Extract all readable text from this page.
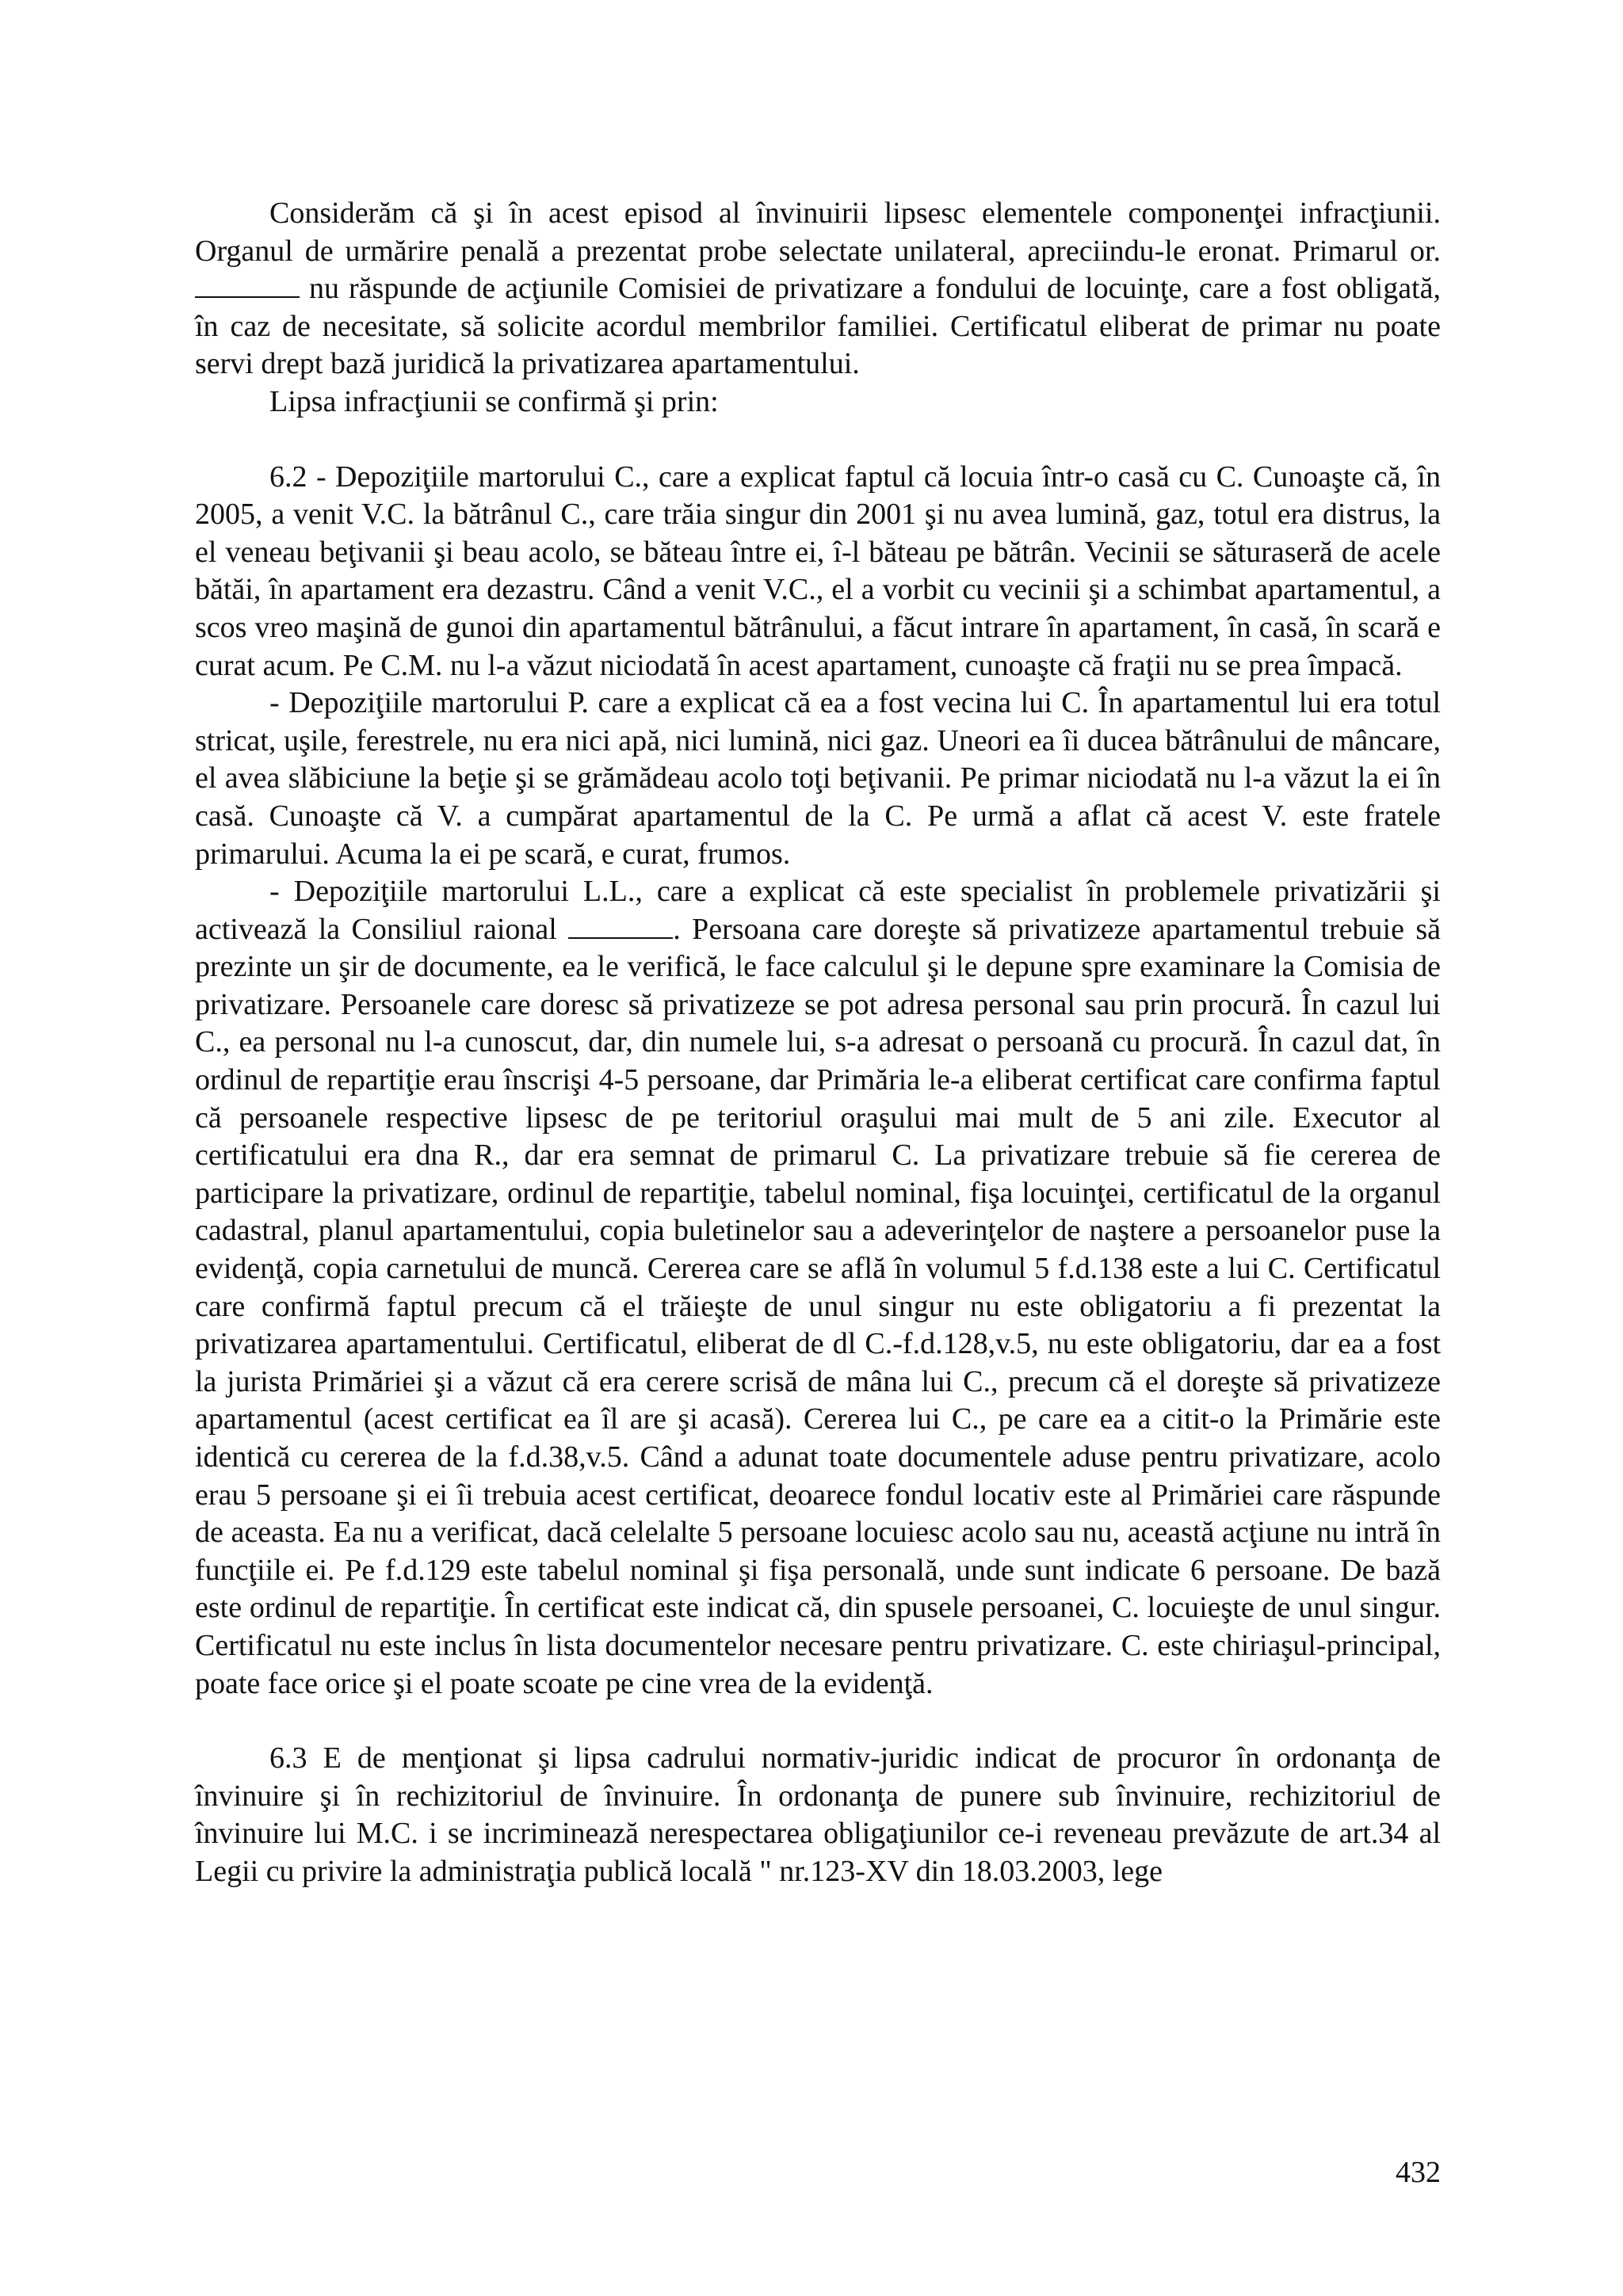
Considerăm că şi în acest episod al învinuirii lipsesc elementele componenţei infracţiunii. Organul de urmărire penală a prezentat probe selectate unilateral, apreciindu-le eronat. Primarul or.  nu răspunde de acţiunile Comisiei de privatizare a fondului de locuinţe, care a fost obligată, în caz de necesitate, să solicite acordul membrilor familiei. Certificatul eliberat de primar nu poate servi drept bază juridică la privatizarea apartamentului.

Lipsa infracţiunii se confirmă şi prin:

6.2 - Depoziţiile martorului C., care a explicat faptul că locuia într-o casă cu C. Cunoaşte că, în 2005, a venit V.C. la bătrânul C., care trăia singur din 2001 şi nu avea lumină, gaz, totul era distrus, la el veneau beţivanii şi beau acolo, se băteau între ei, î-l băteau pe bătrân. Vecinii se săturaseră de acele bătăi, în apartament era dezastru. Când a venit V.C., el a vorbit cu vecinii şi a schimbat apartamentul, a scos vreo maşină de gunoi din apartamentul bătrânului, a făcut intrare în apartament, în casă, în scară e curat acum. Pe C.M. nu l-a văzut niciodată în acest apartament, cunoaşte că fraţii nu se prea împacă.

- Depoziţiile martorului P. care a explicat că ea a fost vecina lui C. În apartamentul lui era totul stricat, uşile, ferestrele, nu era nici apă, nici lumină, nici gaz. Uneori ea îi ducea bătrânului de mâncare, el avea slăbiciune la beţie şi se grămădeau acolo toţi beţivanii. Pe primar niciodată nu l-a văzut la ei în casă. Cunoaşte că V. a cumpărat apartamentul de la C. Pe urmă a aflat că acest V. este fratele primarului. Acuma la ei pe scară, e curat, frumos.

- Depoziţiile martorului L.L., care a explicat că este specialist în problemele privatizării şi activează la Consiliul raional	. Persoana care doreşte să privatizeze apartamentul trebuie să prezinte un şir de documente, ea le verifică, le face calculul şi le depune spre examinare la Comisia de privatizare. Persoanele care doresc să privatizeze se pot adresa personal sau prin procură. În cazul lui C., ea personal nu l-a cunoscut, dar, din numele lui, s-a adresat o persoană cu procură. În cazul dat, în ordinul de repartiţie erau înscrişi 4-5 persoane, dar Primăria le-a eliberat certificat care confirma faptul că persoanele respective lipsesc de pe teritoriul oraşului mai mult de 5 ani zile. Executor al certificatului era dna R., dar era semnat de primarul C. La privatizare trebuie să fie cererea de participare la privatizare, ordinul de repartiţie, tabelul nominal, fişa locuinţei, certificatul de la organul cadastral, planul apartamentului, copia buletinelor sau a adeverinţelor de naştere a persoanelor puse la evidenţă, copia carnetului de muncă. Cererea care se află în volumul 5 f.d.138 este a lui C. Certificatul care confirmă faptul precum că el trăieşte de unul singur nu este obligatoriu a fi prezentat la privatizarea apartamentului. Certificatul, eliberat de dl C.-f.d.128,v.5, nu este obligatoriu, dar ea a fost la jurista Primăriei şi a văzut că era cerere scrisă de mâna lui C., precum că el doreşte să privatizeze apartamentul (acest certificat ea îl are şi acasă). Cererea lui C., pe care ea a citit-o la Primărie este identică cu cererea de la f.d.38,v.5. Când a adunat toate documentele aduse pentru privatizare, acolo erau 5 persoane şi ei îi trebuia acest certificat, deoarece fondul locativ este al Primăriei care răspunde de aceasta. Ea nu a verificat, dacă celelalte 5 persoane locuiesc acolo sau nu, această acţiune nu intră în funcţiile ei. Pe f.d.129 este tabelul nominal şi fişa personală, unde sunt indicate 6 persoane. De bază este ordinul de repartiţie. În certificat este indicat că, din spusele persoanei, C. locuieşte de unul singur. Certificatul nu este inclus în lista documentelor necesare pentru privatizare. C. este chiriaşul-principal, poate face orice şi el poate scoate pe cine vrea de la evidenţă.

6.3 E de menţionat şi lipsa cadrului normativ-juridic indicat de procuror în ordonanţa de învinuire şi în rechizitoriul de învinuire. În ordonanţa de punere sub învinuire, rechizitoriul de învinuire lui M.C. i se incriminează nerespectarea obligaţiunilor ce-i reveneau prevăzute de art.34 al Legii cu privire la administraţia publică locală " nr.123-XV din 18.03.2003, lege

432
